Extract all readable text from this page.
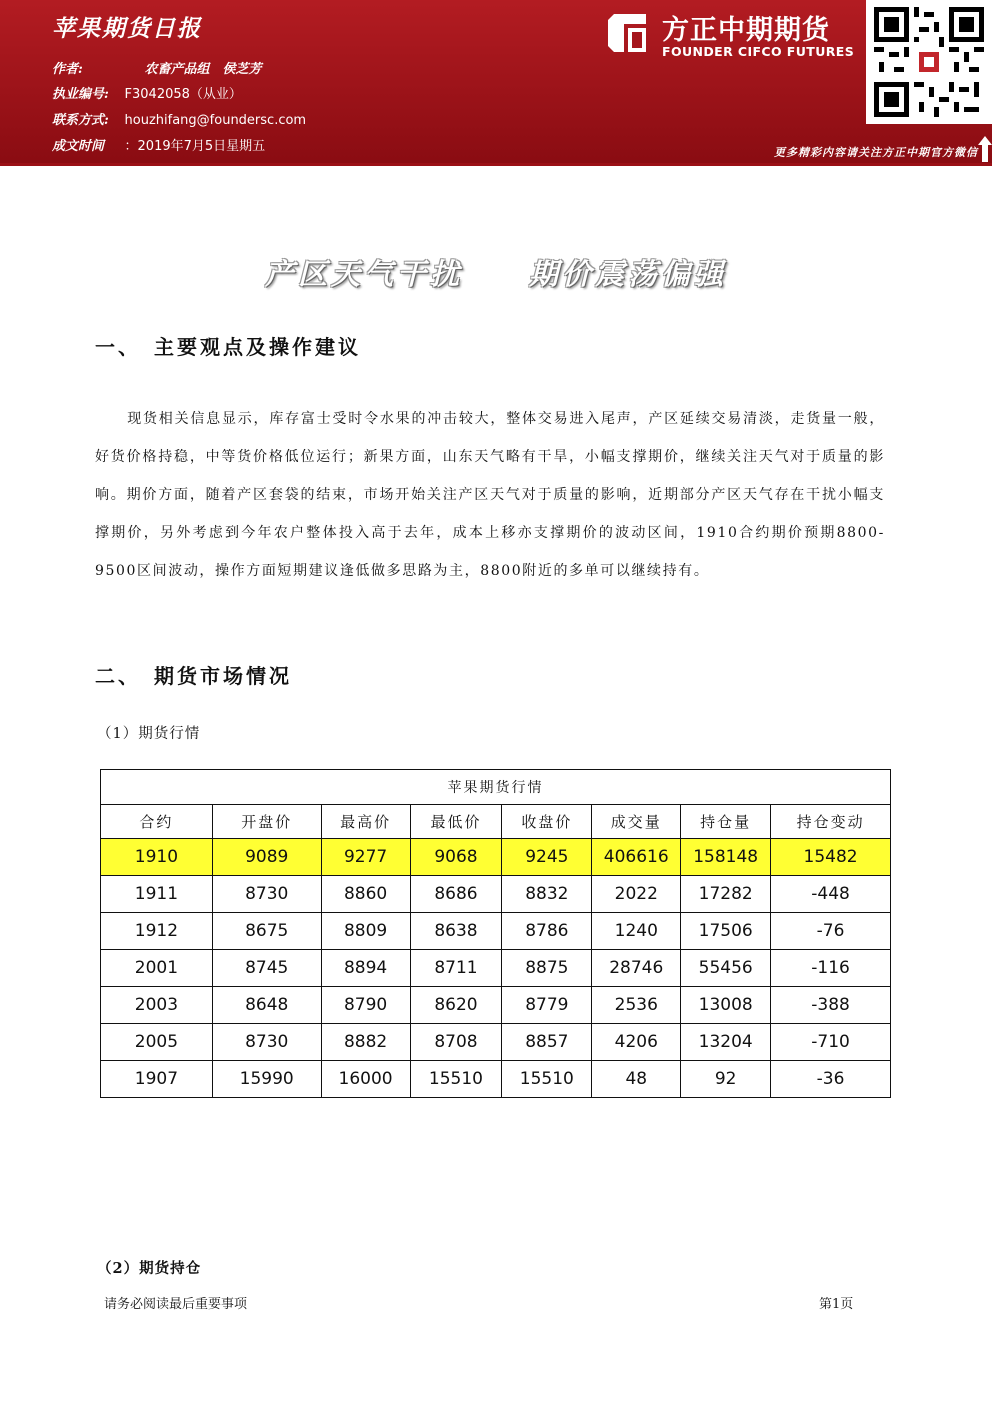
苹果期货日报
作者:	农畜产品组　侯芝芳
执业编号: F3042058（从业）
联系方式: houzhifang@foundersc.com
成文时间 ：2019年7月5日星期五
方正中期期货
FOUNDER CIFCO FUTURES
更多精彩内容请关注方正中期官方微信
产区天气干扰　　期价震荡偏强
一、　主要观点及操作建议

现货相关信息显示，库存富士受时令水果的冲击较大，整体交易进入尾声，产区延续交易清淡，走货量一般，好货价格持稳，中等货价格低位运行；新果方面，山东天气略有干旱，小幅支撑期价，继续关注天气对于质量的影响。期价方面，随着产区套袋的结束，市场开始关注产区天气对于质量的影响，近期部分产区天气存在干扰小幅支撑期价，另外考虑到今年农户整体投入高于去年，成本上移亦支撑期价的波动区间，1910合约期价预期8800-9500区间波动，操作方面短期建议逢低做多思路为主，8800附近的多单可以继续持有。

二、　期货市场情况
（1）期货行情
苹果期货行情							
合约	开盘价	最高价	最低价	收盘价	成交量	持仓量	持仓变动
1910	9089	9277	9068	9245	406616	158148	15482
1911	8730	8860	8686	8832	2022	17282	-448
1912	8675	8809	8638	8786	1240	17506	-76
2001	8745	8894	8711	8875	28746	55456	-116
2003	8648	8790	8620	8779	2536	13008	-388
2005	8730	8882	8708	8857	4206	13204	-710
1907	15990	16000	15510	15510	48	92	-36
（2）期货持仓
请务必阅读最后重要事项	第1页
